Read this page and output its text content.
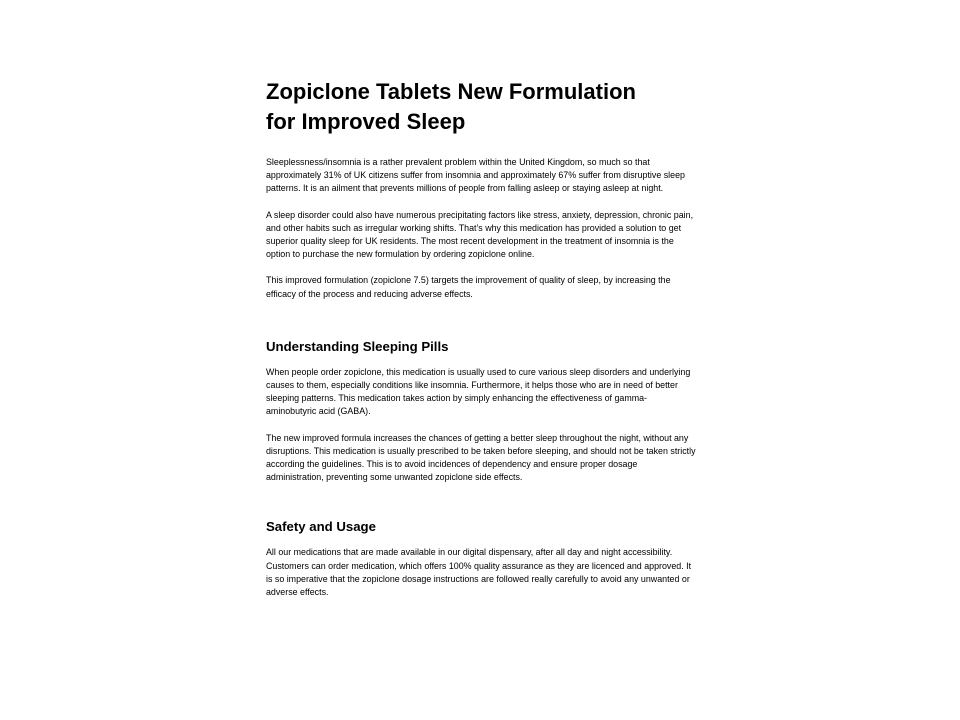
Zopiclone Tablets New Formulation
for Improved Sleep

Sleeplessness/insomnia is a rather prevalent problem within the United Kingdom, so much so that approximately 31% of UK citizens suffer from insomnia and approximately 67% suffer from disruptive sleep patterns. It is an ailment that prevents millions of people from falling asleep or staying asleep at night.

A sleep disorder could also have numerous precipitating factors like stress, anxiety, depression, chronic pain, and other habits such as irregular working shifts. That’s why this medication has provided a solution to get superior quality sleep for UK residents. The most recent development in the treatment of insomnia is the option to purchase the new formulation by ordering zopiclone online.

This improved formulation (zopiclone 7.5) targets the improvement of quality of sleep, by increasing the efficacy of the process and reducing adverse effects.

Understanding Sleeping Pills

When people order zopiclone, this medication is usually used to cure various sleep disorders and underlying causes to them, especially conditions like insomnia. Furthermore, it helps those who are in need of better sleeping patterns. This medication takes action by simply enhancing the effectiveness of gamma-aminobutyric acid (GABA).

The new improved formula increases the chances of getting a better sleep throughout the night, without any disruptions. This medication is usually prescribed to be taken before sleeping, and should not be taken strictly according the guidelines. This is to avoid incidences of dependency and ensure proper dosage administration, preventing some unwanted zopiclone side effects.

Safety and Usage

All our medications that are made available in our digital dispensary, after all day and night accessibility. Customers can order medication, which offers 100% quality assurance as they are licenced and approved. It is so imperative that the zopiclone dosage instructions are followed really carefully to avoid any unwanted or adverse effects.
